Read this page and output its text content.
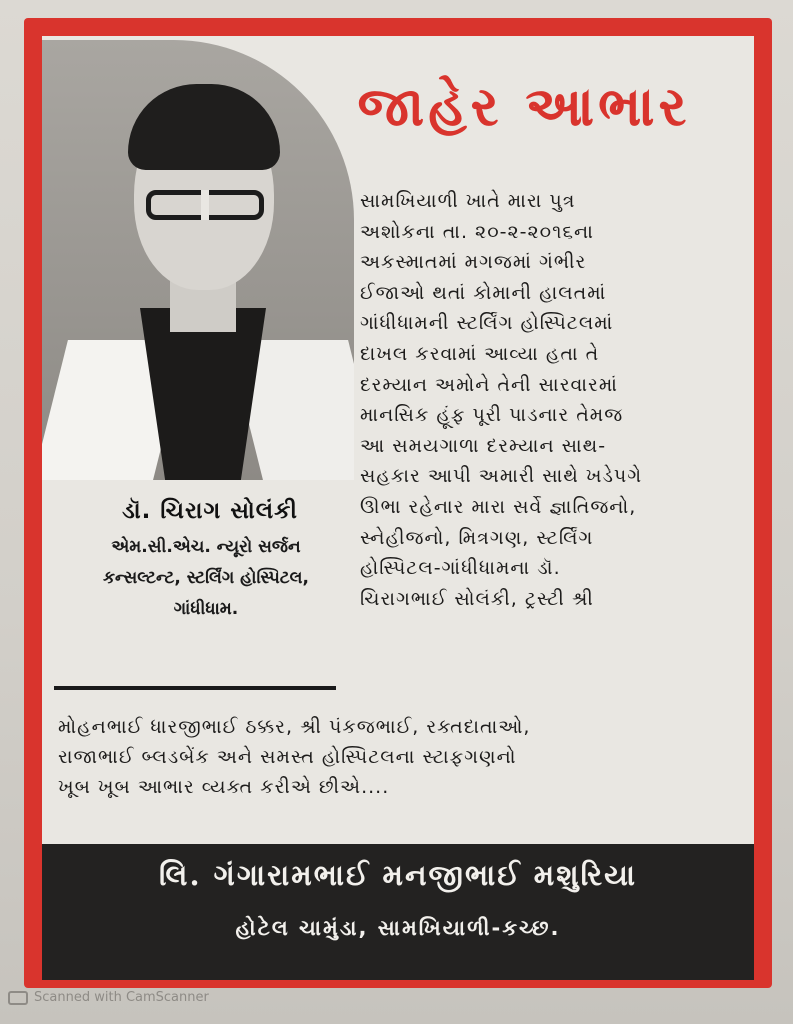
જાહેર આભાર
સામખિયાળી ખાતે મારા પુત્ર
અશોકના તા. ૨૦-૨-૨૦૧૬ના
અકસ્માતમાં મગજમાં ગંભીર
ઈજાઓ થતાં કોમાની હાલતમાં
ગાંધીધામની સ્ટર્લિંગ હોસ્પિટલમાં
દાખલ કરવામાં આવ્યા હતા તે
દરમ્યાન અમોને તેની સારવારમાં
માનસિક હૂંફ પૂરી પાડનાર તેમજ
આ સમયગાળા દરમ્યાન સાથ-
સહકાર આપી અમારી સાથે ખડેપગે
ઊભા રહેનાર મારા સર્વે જ્ઞાતિજનો,
સ્નેહીજનો, મિત્રગણ, સ્ટર્લિંગ
હોસ્પિટલ-ગાંધીધામના ડૉ.
ચિરાગભાઈ સોલંકી, ટ્રસ્ટી શ્રી
ડૉ. ચિરાગ સોલંકી
એમ.સી.એચ. ન્યૂરો સર્જન
કન્સલ્ટન્ટ, સ્ટર્લિંગ હોસ્પિટલ,
ગાંધીધામ.
મોહનભાઈ ધારજીભાઈ ઠક્કર, શ્રી પંકજભાઈ, રક્તદાતાઓ,
રાજાભાઈ બ્લડબેંક અને સમસ્ત હોસ્પિટલના સ્ટાફગણનો
ખૂબ ખૂબ આભાર વ્યક્ત કરીએ છીએ....
લિ. ગંગારામભાઈ મનજીભાઈ મશુરિયા
હોટેલ ચામુંડા, સામખિયાળી-કચ્છ.
Scanned with CamScanner
